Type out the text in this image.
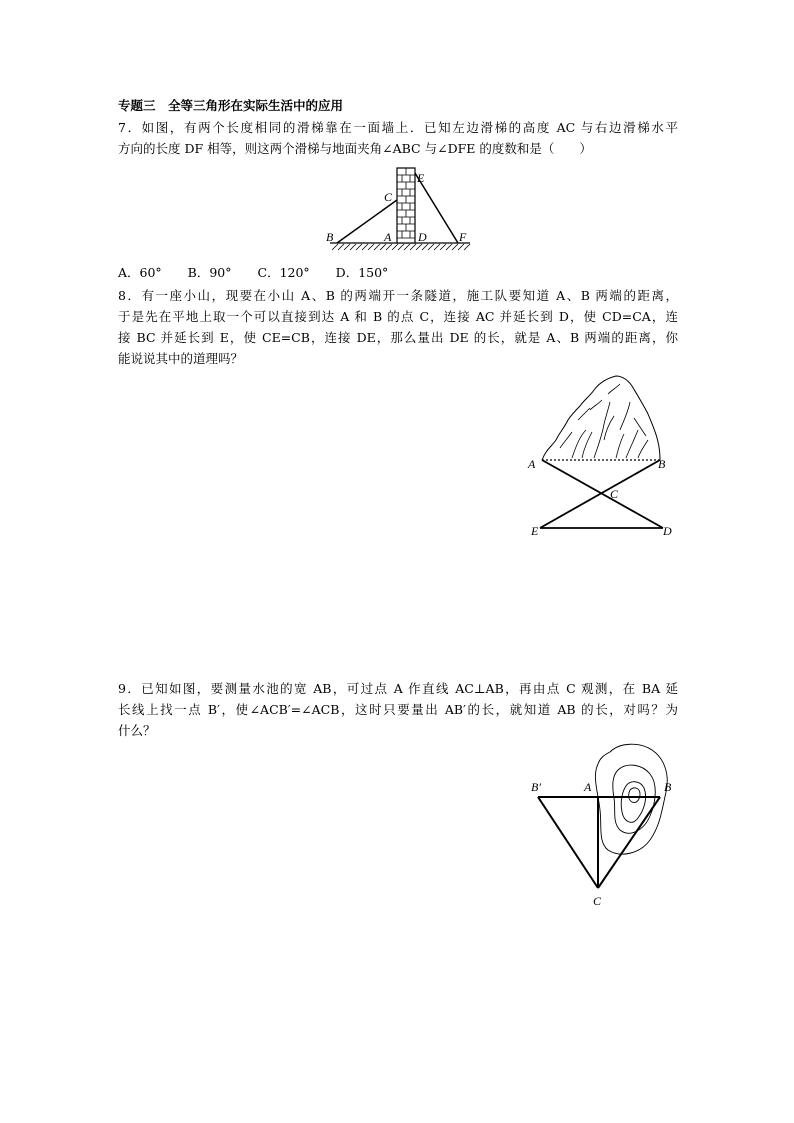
专题三　全等三角形在实际生活中的应用
7．如图，有两个长度相同的滑梯靠在一面墙上．已知左边滑梯的高度 AC 与右边滑梯水平
方向的长度 DF 相等，则这两个滑梯与地面夹角∠ABC 与∠DFE 的度数和是（　　）
B
C
A D
E
F
A．60° B．90° C．120° D．150°
8．有一座小山，现要在小山 A、B 的两端开一条隧道，施工队要知道 A、B 两端的距离，
于是先在平地上取一个可以直接到达 A 和 B 的点 C，连接 AC 并延长到 D，使 CD=CA，连
接 BC 并延长到 E，使 CE=CB，连接 DE，那么量出 DE 的长，就是 A、B 两端的距离，你
能说说其中的道理吗？
A	B
C
E	D
9．已知如图，要测量水池的宽 AB，可过点 A 作直线 AC⊥AB，再由点 C 观测，在 BA 延
长线上找一点 B′，使∠ACB′=∠ACB，这时只要量出 AB′的长，就知道 AB 的长，对吗？为
什么？
B′	A	B
C
